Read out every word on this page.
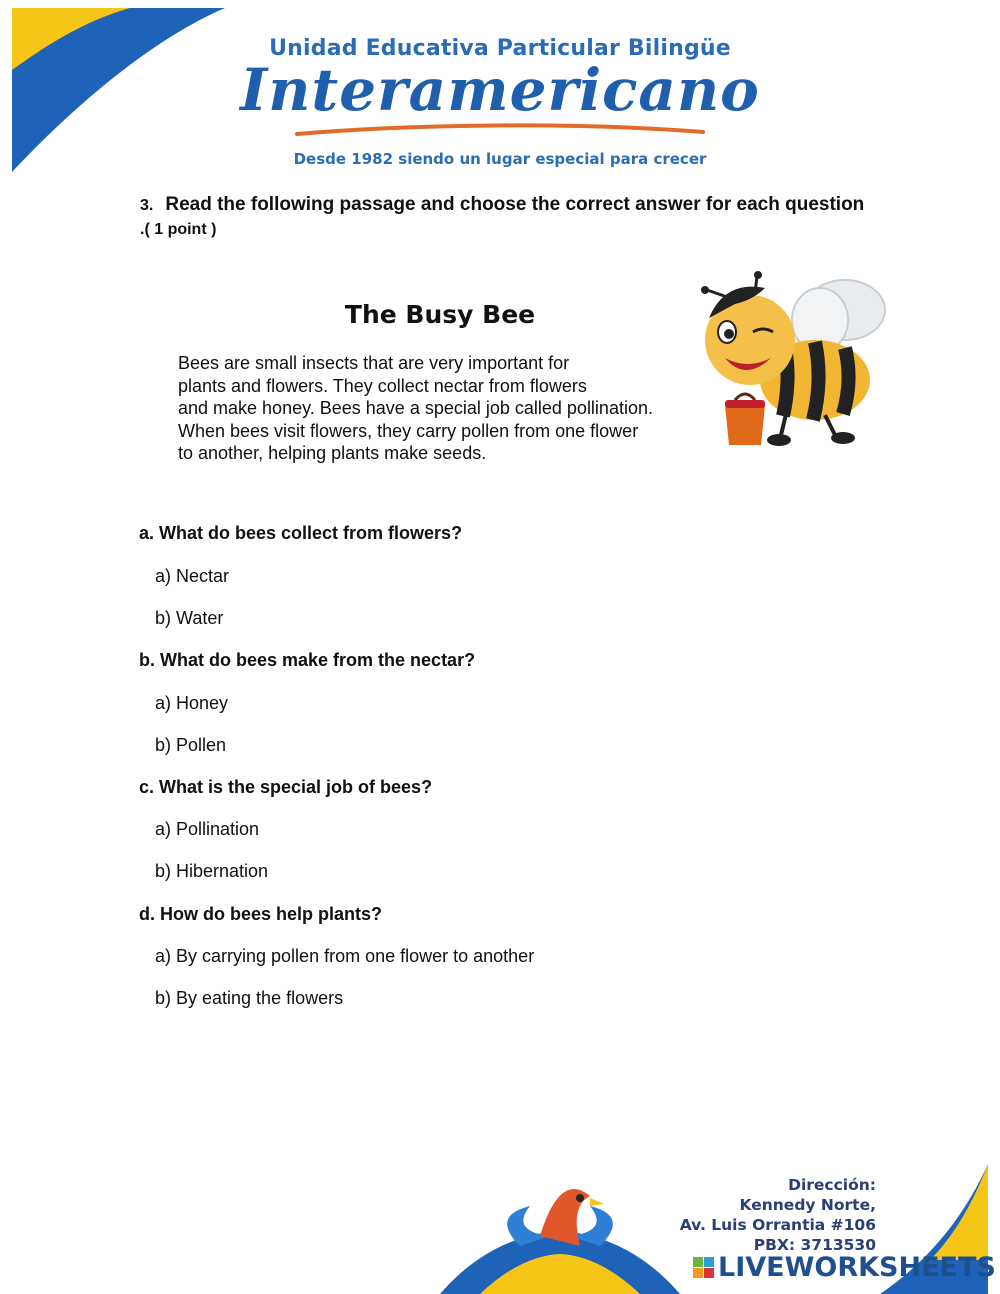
Unidad Educativa Particular Bilingüe
Interamericano
Desde 1982 siendo un lugar especial para crecer
3. Read the following passage and choose the correct answer for each question
.( 1 point )
The Busy Bee
Bees are small insects that are very important for
plants and flowers. They collect nectar from flowers
and make honey. Bees have a special job called pollination.
When bees visit flowers, they carry pollen from one flower
to another, helping plants make seeds.
a. What do bees collect from flowers?
a) Nectar
b) Water
b. What do bees make from the nectar?
a) Honey
b) Pollen
c. What is the special job of bees?
a) Pollination
b) Hibernation
d. How do bees help plants?
a) By carrying pollen from one flower to another
b) By eating the flowers
Dirección:
Kennedy Norte,
Av. Luis Orrantia #106
PBX: 3713530
LIVEWORKSHEETS
